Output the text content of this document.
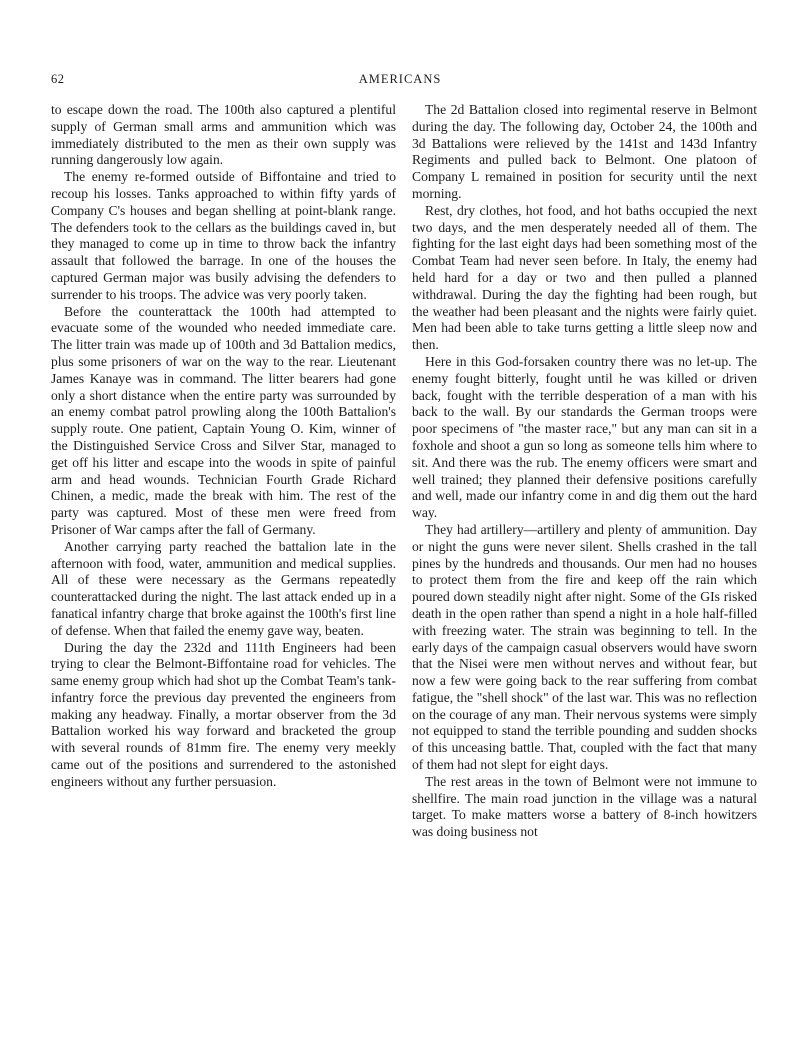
62	AMERICANS

to escape down the road. The 100th also captured a plentiful supply of German small arms and ammunition which was immediately distributed to the men as their own supply was running dangerously low again.

The enemy re-formed outside of Biffontaine and tried to recoup his losses. Tanks approached to within fifty yards of Company C's houses and began shelling at point-blank range. The defenders took to the cellars as the buildings caved in, but they managed to come up in time to throw back the infantry assault that followed the barrage. In one of the houses the captured German major was busily advising the defenders to surrender to his troops. The advice was very poorly taken.

Before the counterattack the 100th had attempted to evacuate some of the wounded who needed immediate care. The litter train was made up of 100th and 3d Battalion medics, plus some prisoners of war on the way to the rear. Lieutenant James Kanaye was in command. The litter bearers had gone only a short distance when the entire party was surrounded by an enemy combat patrol prowling along the 100th Battalion's supply route. One patient, Captain Young O. Kim, winner of the Distinguished Service Cross and Silver Star, managed to get off his litter and escape into the woods in spite of painful arm and head wounds. Technician Fourth Grade Richard Chinen, a medic, made the break with him. The rest of the party was captured. Most of these men were freed from Prisoner of War camps after the fall of Germany.

Another carrying party reached the battalion late in the afternoon with food, water, ammunition and medical supplies. All of these were necessary as the Germans repeatedly counterattacked during the night. The last attack ended up in a fanatical infantry charge that broke against the 100th's first line of defense. When that failed the enemy gave way, beaten.

During the day the 232d and 111th Engineers had been trying to clear the Belmont-Biffontaine road for vehicles. The same enemy group which had shot up the Combat Team's tank-infantry force the previous day prevented the engineers from making any headway. Finally, a mortar observer from the 3d Battalion worked his way forward and bracketed the group with several rounds of 81mm fire. The enemy very meekly came out of the positions and surrendered to the astonished engineers without any further persuasion.

The 2d Battalion closed into regimental reserve in Belmont during the day. The following day, October 24, the 100th and 3d Battalions were relieved by the 141st and 143d Infantry Regiments and pulled back to Belmont. One platoon of Company L remained in position for security until the next morning.

Rest, dry clothes, hot food, and hot baths occupied the next two days, and the men desperately needed all of them. The fighting for the last eight days had been something most of the Combat Team had never seen before. In Italy, the enemy had held hard for a day or two and then pulled a planned withdrawal. During the day the fighting had been rough, but the weather had been pleasant and the nights were fairly quiet. Men had been able to take turns getting a little sleep now and then.

Here in this God-forsaken country there was no let-up. The enemy fought bitterly, fought until he was killed or driven back, fought with the terrible desperation of a man with his back to the wall. By our standards the German troops were poor specimens of "the master race," but any man can sit in a foxhole and shoot a gun so long as someone tells him where to sit. And there was the rub. The enemy officers were smart and well trained; they planned their defensive positions carefully and well, made our infantry come in and dig them out the hard way.

They had artillery—artillery and plenty of ammunition. Day or night the guns were never silent. Shells crashed in the tall pines by the hundreds and thousands. Our men had no houses to protect them from the fire and keep off the rain which poured down steadily night after night. Some of the GIs risked death in the open rather than spend a night in a hole half-filled with freezing water. The strain was beginning to tell. In the early days of the campaign casual observers would have sworn that the Nisei were men without nerves and without fear, but now a few were going back to the rear suffering from combat fatigue, the "shell shock" of the last war. This was no reflection on the courage of any man. Their nervous systems were simply not equipped to stand the terrible pounding and sudden shocks of this unceasing battle. That, coupled with the fact that many of them had not slept for eight days.

The rest areas in the town of Belmont were not immune to shellfire. The main road junction in the village was a natural target. To make matters worse a battery of 8-inch howitzers was doing business not
